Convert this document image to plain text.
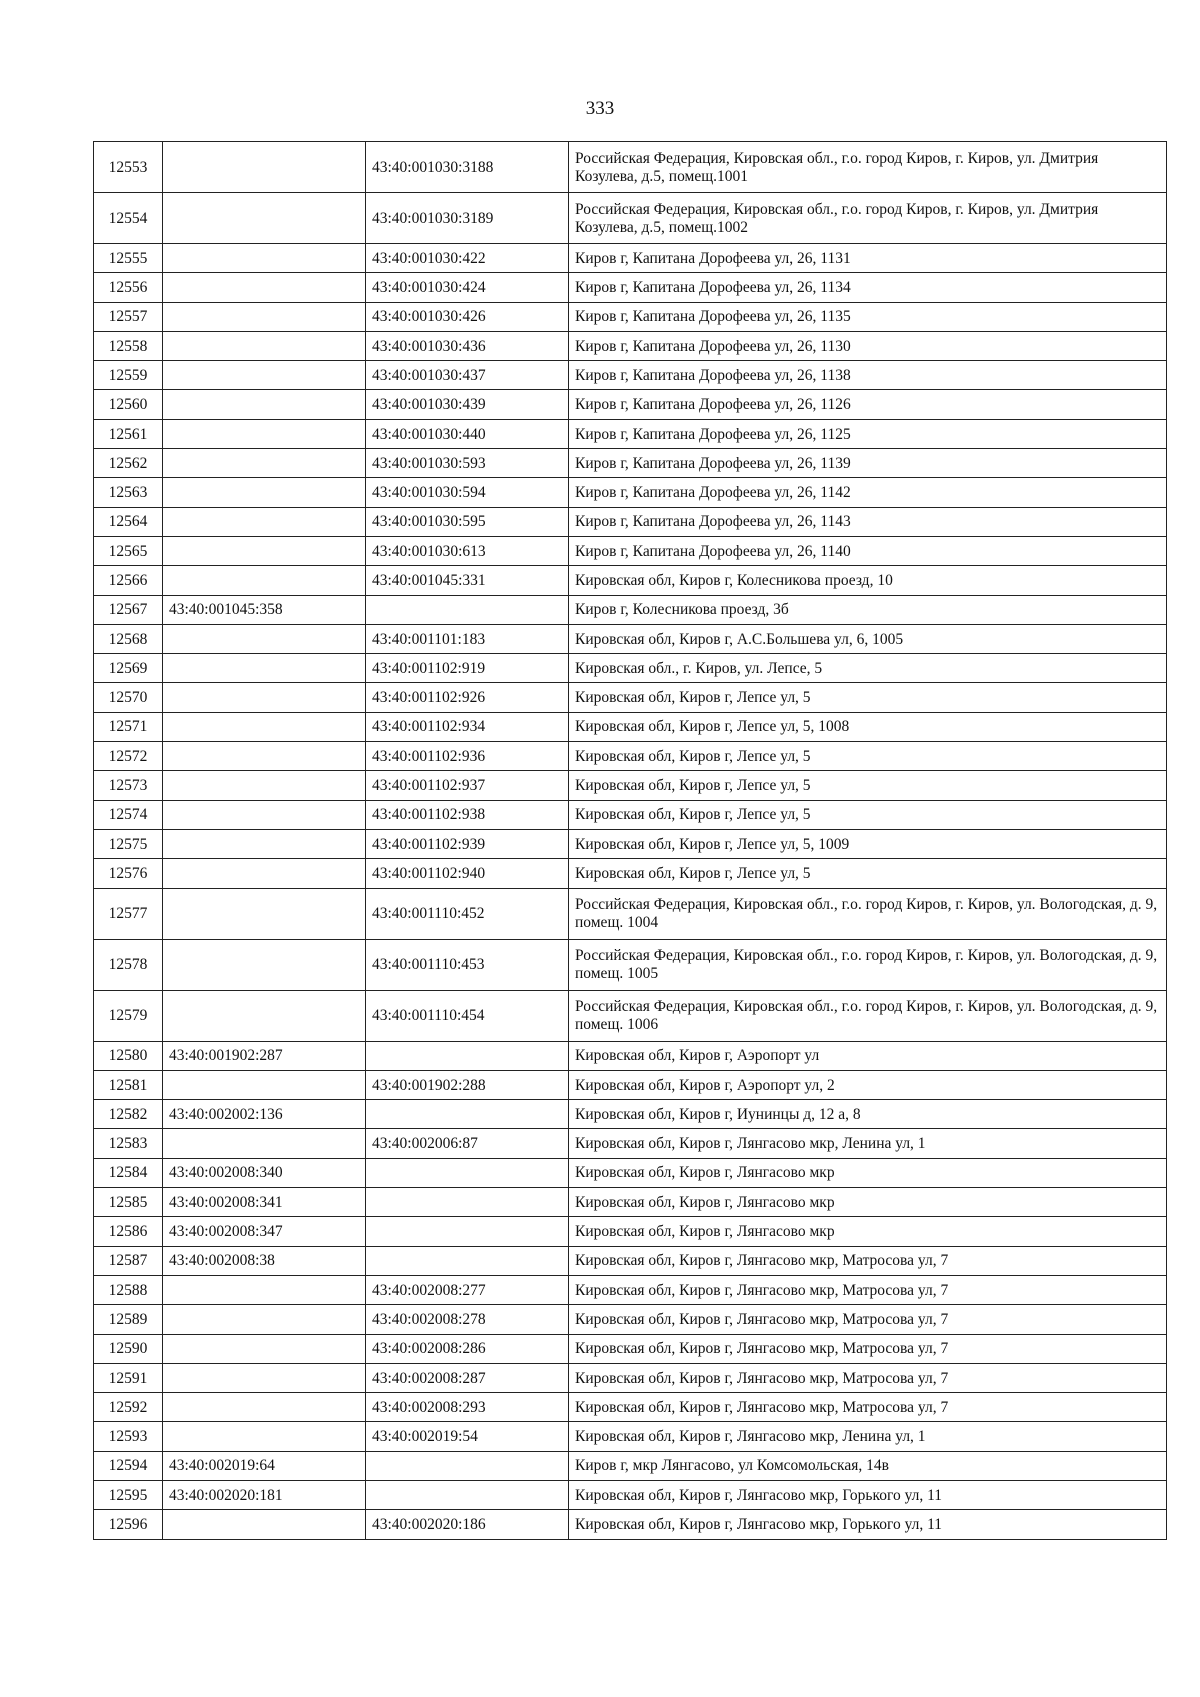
333
12553		43:40:001030:3188	Российская Федерация, Кировская обл., г.о. город Киров, г. Киров, ул. Дмитрия Козулева, д.5, помещ.1001
12554		43:40:001030:3189	Российская Федерация, Кировская обл., г.о. город Киров, г. Киров, ул. Дмитрия Козулева, д.5, помещ.1002
12555		43:40:001030:422	Киров г, Капитана Дорофеева ул, 26, 1131
12556		43:40:001030:424	Киров г, Капитана Дорофеева ул, 26, 1134
12557		43:40:001030:426	Киров г, Капитана Дорофеева ул, 26, 1135
12558		43:40:001030:436	Киров г, Капитана Дорофеева ул, 26, 1130
12559		43:40:001030:437	Киров г, Капитана Дорофеева ул, 26, 1138
12560		43:40:001030:439	Киров г, Капитана Дорофеева ул, 26, 1126
12561		43:40:001030:440	Киров г, Капитана Дорофеева ул, 26, 1125
12562		43:40:001030:593	Киров г, Капитана Дорофеева ул, 26, 1139
12563		43:40:001030:594	Киров г, Капитана Дорофеева ул, 26, 1142
12564		43:40:001030:595	Киров г, Капитана Дорофеева ул, 26, 1143
12565		43:40:001030:613	Киров г, Капитана Дорофеева ул, 26, 1140
12566		43:40:001045:331	Кировская обл, Киров г, Колесникова проезд, 10
12567	43:40:001045:358		Киров г, Колесникова проезд, 3б
12568		43:40:001101:183	Кировская обл, Киров г, А.С.Большева ул, 6, 1005
12569		43:40:001102:919	Кировская обл., г. Киров, ул. Лепсе, 5
12570		43:40:001102:926	Кировская обл, Киров г, Лепсе ул, 5
12571		43:40:001102:934	Кировская обл, Киров г, Лепсе ул, 5, 1008
12572		43:40:001102:936	Кировская обл, Киров г, Лепсе ул, 5
12573		43:40:001102:937	Кировская обл, Киров г, Лепсе ул, 5
12574		43:40:001102:938	Кировская обл, Киров г, Лепсе ул, 5
12575		43:40:001102:939	Кировская обл, Киров г, Лепсе ул, 5, 1009
12576		43:40:001102:940	Кировская обл, Киров г, Лепсе ул, 5
12577		43:40:001110:452	Российская Федерация, Кировская обл., г.о. город Киров, г. Киров, ул. Вологодская, д. 9, помещ. 1004
12578		43:40:001110:453	Российская Федерация, Кировская обл., г.о. город Киров, г. Киров, ул. Вологодская, д. 9, помещ. 1005
12579		43:40:001110:454	Российская Федерация, Кировская обл., г.о. город Киров, г. Киров, ул. Вологодская, д. 9, помещ. 1006
12580	43:40:001902:287		Кировская обл, Киров г, Аэропорт ул
12581		43:40:001902:288	Кировская обл, Киров г, Аэропорт ул, 2
12582	43:40:002002:136		Кировская обл, Киров г, Иунинцы д, 12 а, 8
12583		43:40:002006:87	Кировская обл, Киров г, Лянгасово мкр, Ленина ул, 1
12584	43:40:002008:340		Кировская обл, Киров г, Лянгасово мкр
12585	43:40:002008:341		Кировская обл, Киров г, Лянгасово мкр
12586	43:40:002008:347		Кировская обл, Киров г, Лянгасово мкр
12587	43:40:002008:38		Кировская обл, Киров г, Лянгасово мкр, Матросова ул, 7
12588		43:40:002008:277	Кировская обл, Киров г, Лянгасово мкр, Матросова ул, 7
12589		43:40:002008:278	Кировская обл, Киров г, Лянгасово мкр, Матросова ул, 7
12590		43:40:002008:286	Кировская обл, Киров г, Лянгасово мкр, Матросова ул, 7
12591		43:40:002008:287	Кировская обл, Киров г, Лянгасово мкр, Матросова ул, 7
12592		43:40:002008:293	Кировская обл, Киров г, Лянгасово мкр, Матросова ул, 7
12593		43:40:002019:54	Кировская обл, Киров г, Лянгасово мкр, Ленина ул, 1
12594	43:40:002019:64		Киров г, мкр Лянгасово, ул Комсомольская, 14в
12595	43:40:002020:181		Кировская обл, Киров г, Лянгасово мкр, Горького ул, 11
12596		43:40:002020:186	Кировская обл, Киров г, Лянгасово мкр, Горького ул, 11
